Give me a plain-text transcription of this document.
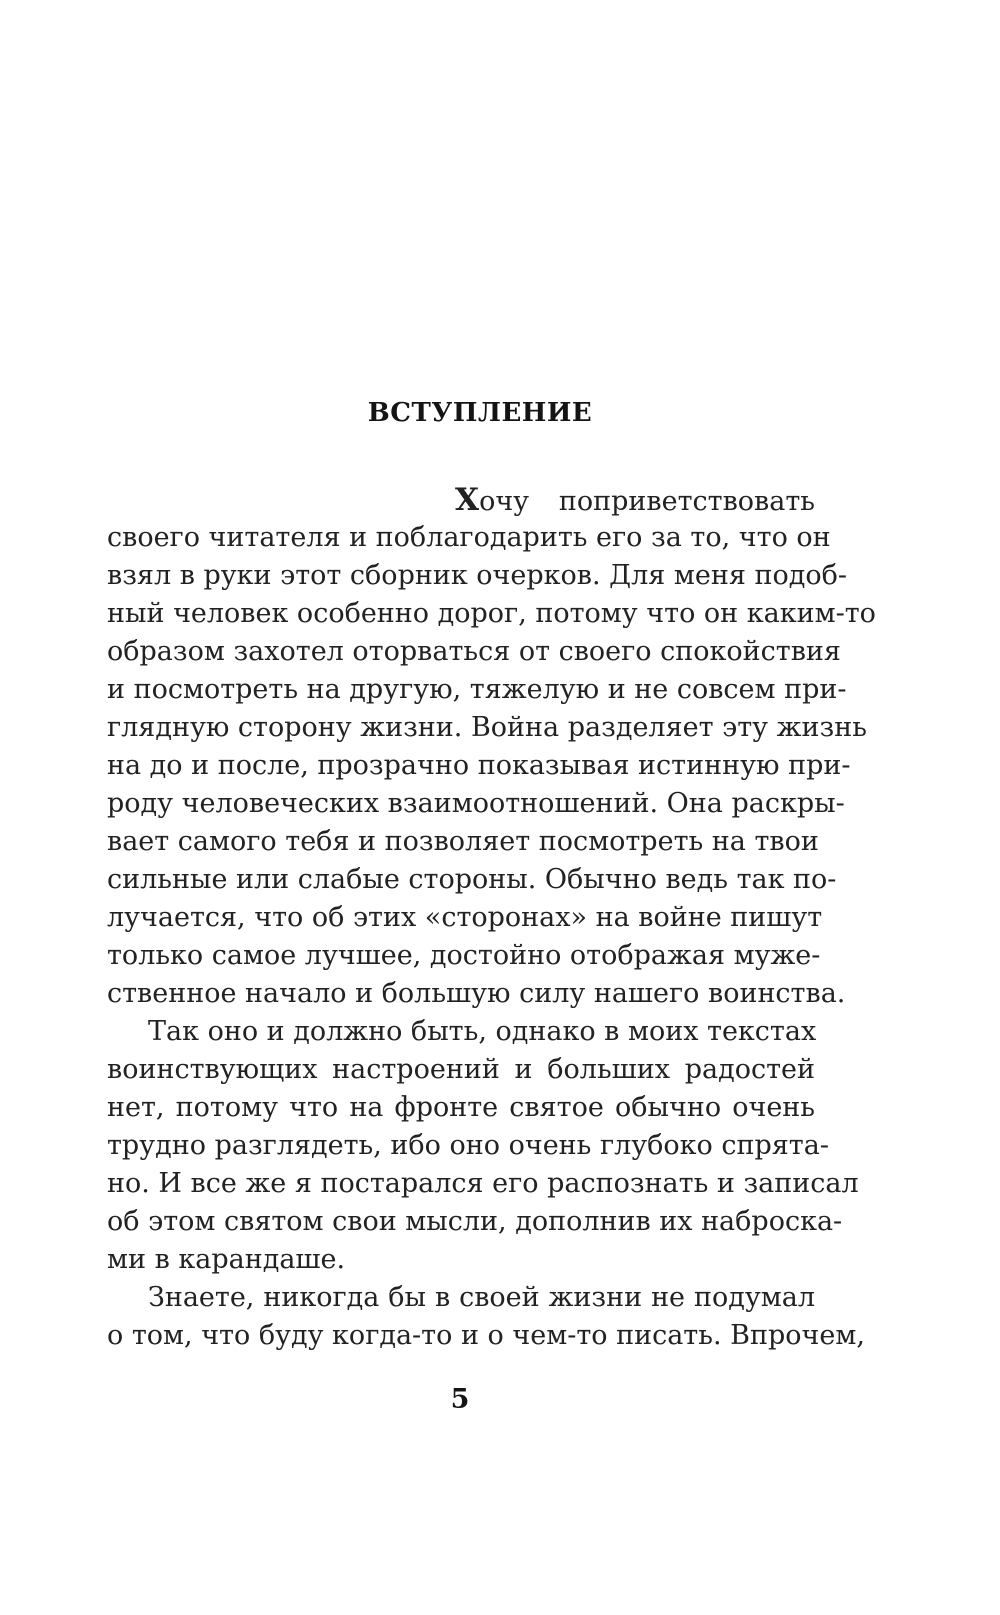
ВСТУПЛЕНИЕ
Хочу поприветствовать
своего читателя и поблагодарить его за то, что он
взял в руки этот сборник очерков. Для меня подоб-
ный человек особенно дорог, потому что он каким-то
образом захотел оторваться от своего спокойствия
и посмотреть на другую, тяжелую и не совсем при-
глядную сторону жизни. Война разделяет эту жизнь
на до и после, прозрачно показывая истинную при-
роду человеческих взаимоотношений. Она раскры-
вает самого тебя и позволяет посмотреть на твои
сильные или слабые стороны. Обычно ведь так по-
лучается, что об этих «сторонах» на войне пишут
только самое лучшее, достойно отображая муже-
ственное начало и большую силу нашего воинства.
Так оно и должно быть, однако в моих текстах
воинствующих настроений и больших радостей
нет, потому что на фронте святое обычно очень
трудно разглядеть, ибо оно очень глубоко спрята-
но. И все же я постарался его распознать и записал
об этом святом свои мысли, дополнив их наброска-
ми в карандаше.
Знаете, никогда бы в своей жизни не подумал
о том, что буду когда-то и о чем-то писать. Впрочем,
5
